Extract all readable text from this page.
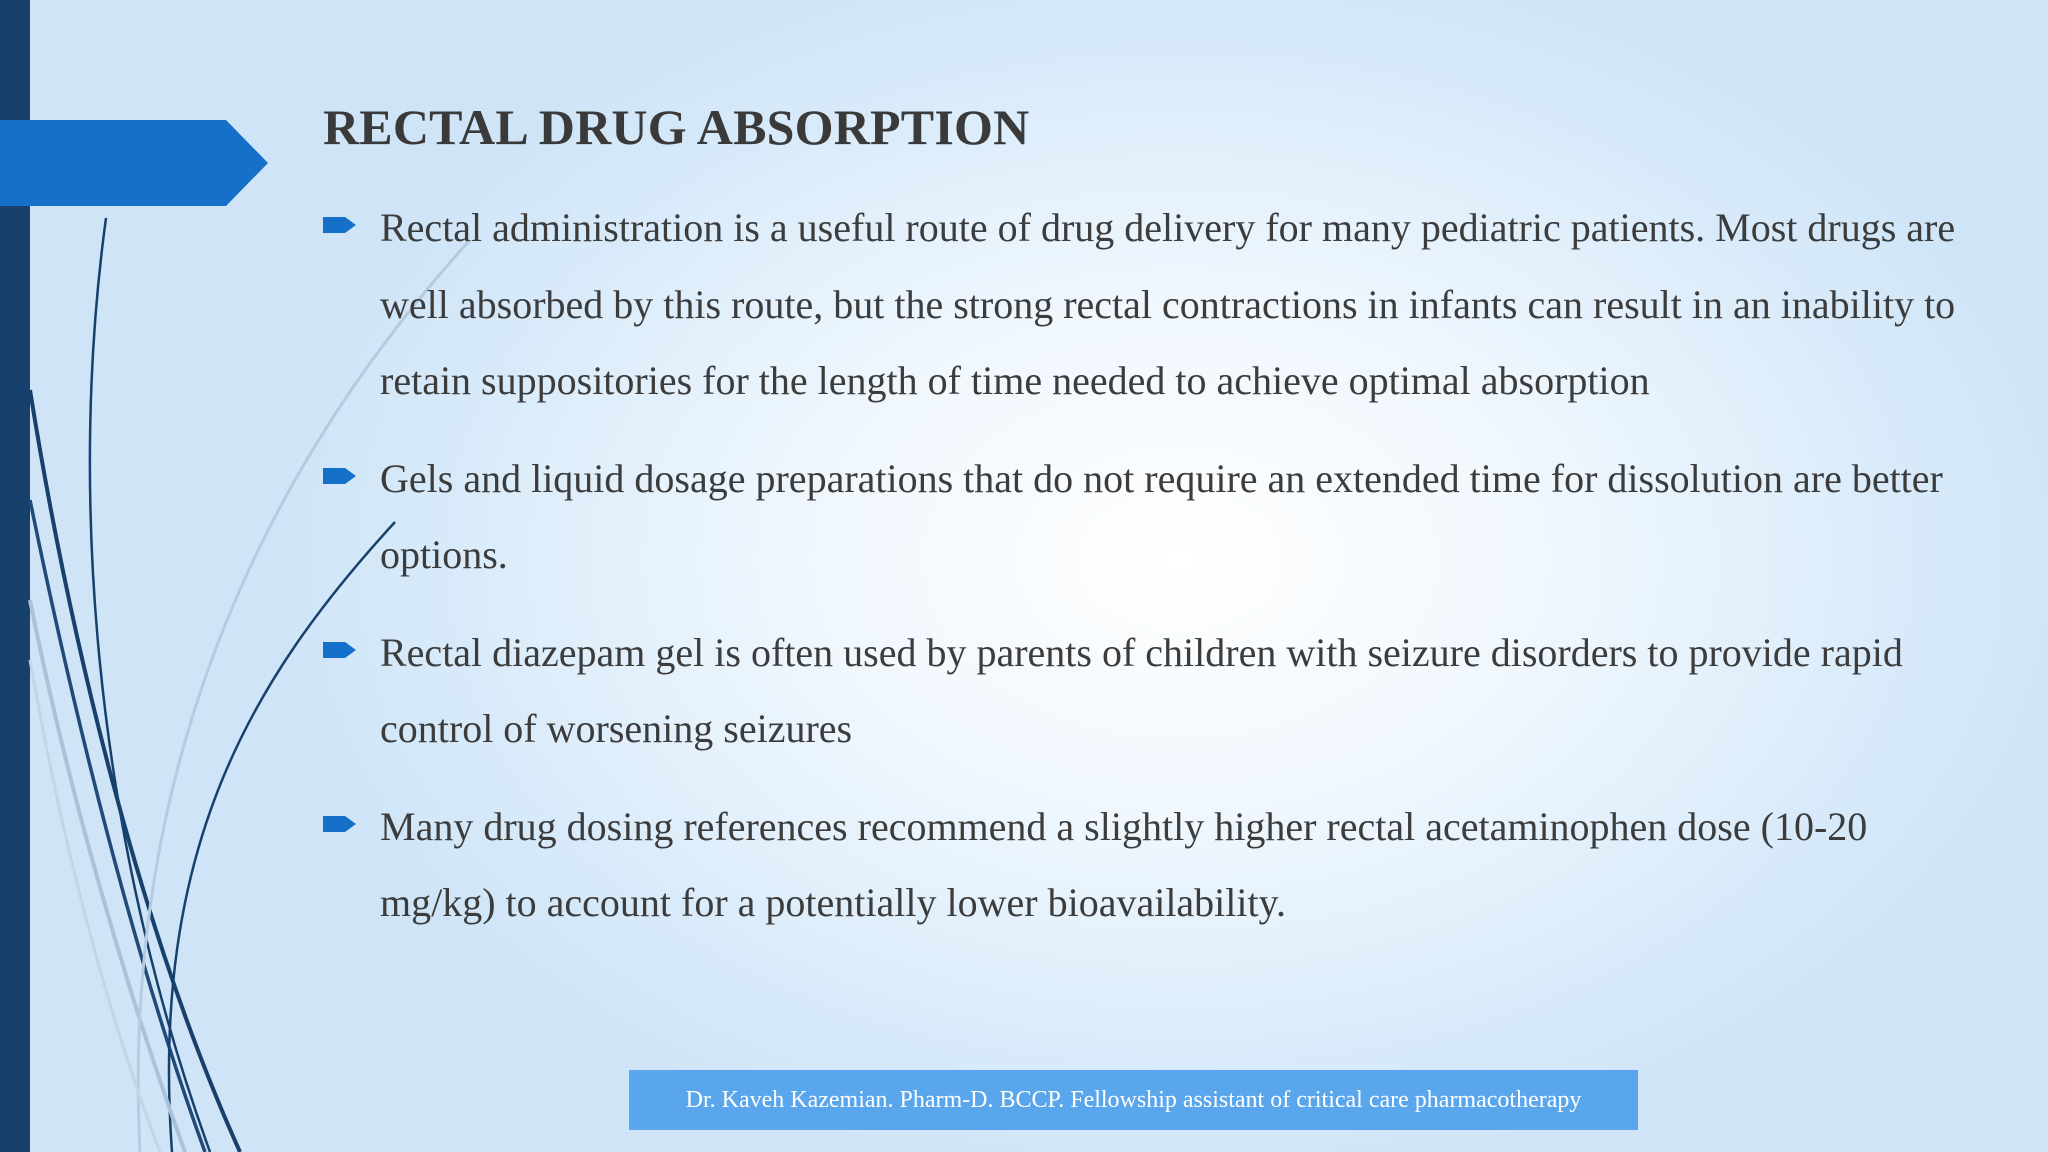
RECTAL DRUG ABSORPTION
Rectal administration is a useful route of drug delivery for many pediatric patients. Most drugs are well absorbed by this route, but the strong rectal contractions in infants can result in an inability to retain suppositories for the length of time needed to achieve optimal absorption
Gels and liquid dosage preparations that do not require an extended time for dissolution are better options.
Rectal diazepam gel is often used by parents of children with seizure disorders to provide rapid control of worsening seizures
Many drug dosing references recommend a slightly higher rectal acetaminophen dose (10-20 mg/kg) to account for a potentially lower bioavailability.
Dr. Kaveh Kazemian. Pharm-D. BCCP. Fellowship assistant of critical care pharmacotherapy
